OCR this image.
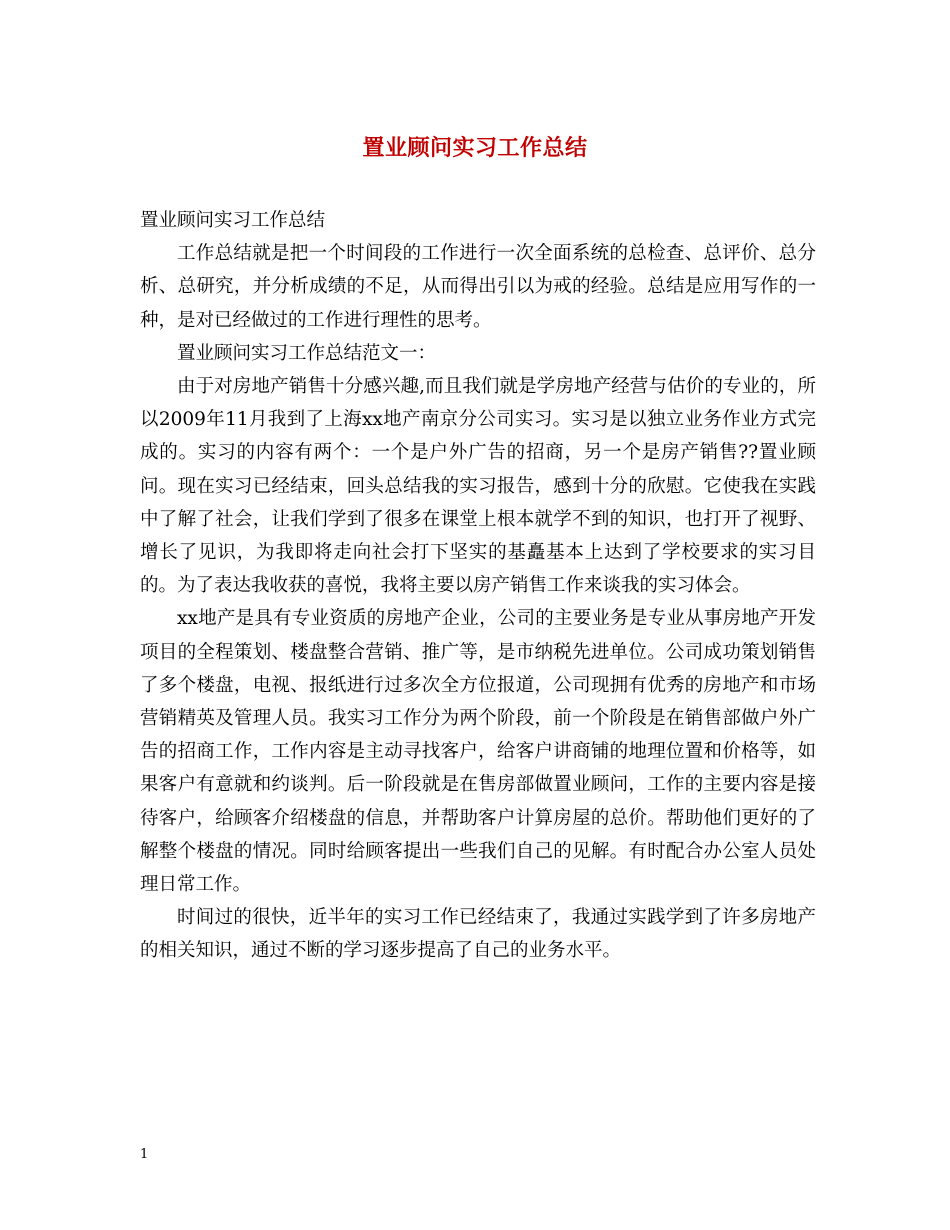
置业顾问实习工作总结

置业顾问实习工作总结

工作总结就是把一个时间段的工作进行一次全面系统的总检查、总评价、总分析、总研究，并分析成绩的不足，从而得出引以为戒的经验。总结是应用写作的一种，是对已经做过的工作进行理性的思考。

置业顾问实习工作总结范文一：

由于对房地产销售十分感兴趣,而且我们就是学房地产经营与估价的专业的，所以2009年11月我到了上海xx地产南京分公司实习。实习是以独立业务作业方式完成的。实习的内容有两个：一个是户外广告的招商，另一个是房产销售??置业顾问。现在实习已经结束，回头总结我的实习报告，感到十分的欣慰。它使我在实践中了解了社会，让我们学到了很多在课堂上根本就学不到的知识，也打开了视野、增长了见识，为我即将走向社会打下坚实的基矗基本上达到了学校要求的实习目的。为了表达我收获的喜悦，我将主要以房产销售工作来谈我的实习体会。

xx地产是具有专业资质的房地产企业，公司的主要业务是专业从事房地产开发项目的全程策划、楼盘整合营销、推广等，是市纳税先进单位。公司成功策划销售了多个楼盘，电视、报纸进行过多次全方位报道，公司现拥有优秀的房地产和市场营销精英及管理人员。我实习工作分为两个阶段，前一个阶段是在销售部做户外广告的招商工作，工作内容是主动寻找客户，给客户讲商铺的地理位置和价格等，如果客户有意就和约谈判。后一阶段就是在售房部做置业顾问，工作的主要内容是接待客户，给顾客介绍楼盘的信息，并帮助客户计算房屋的总价。帮助他们更好的了解整个楼盘的情况。同时给顾客提出一些我们自己的见解。有时配合办公室人员处理日常工作。

时间过的很快，近半年的实习工作已经结束了，我通过实践学到了许多房地产的相关知识，通过不断的学习逐步提高了自己的业务水平。

1
